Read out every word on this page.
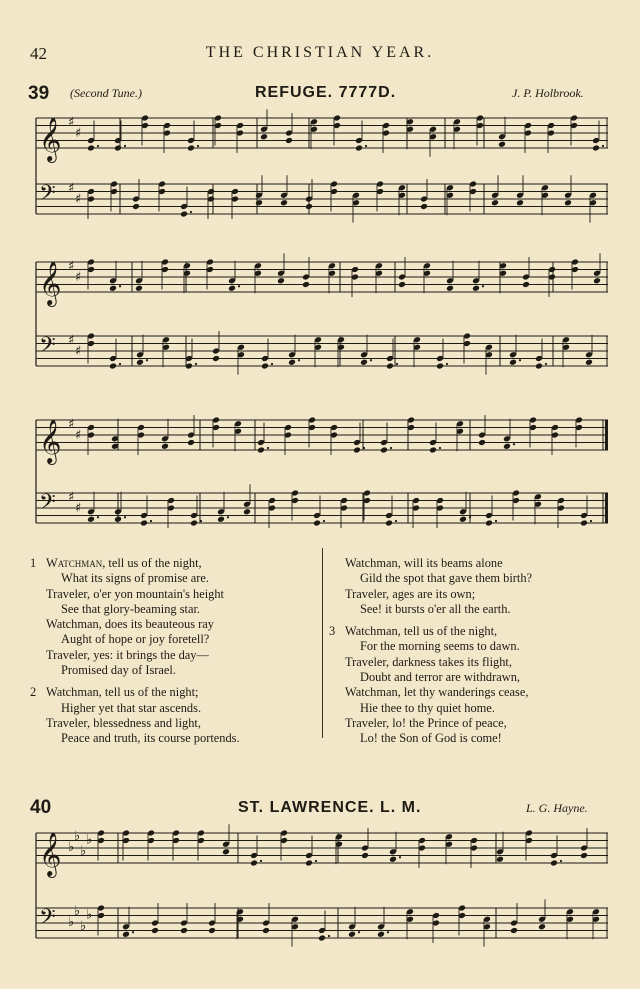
42	THE CHRISTIAN YEAR.
39 (Second Tune.)	REFUGE. 7777D.	J. P. Holbrook.
𝄞 ♯
♯
𝄢 ♯
♯
𝄞 ♯
♯
𝄢 ♯
♯
𝄞 ♯
♯
𝄢 ♯
♯
𝄞 ♭
♭
♭
♭
𝄢 ♭
♭
♭
♭
1 Watchman, tell us of the night,
What its signs of promise are.
Traveler, o'er yon mountain's height
See that glory-beaming star.
Watchman, does its beauteous ray
Aught of hope or joy foretell?
Traveler, yes: it brings the day—
Promised day of Israel.
2 Watchman, tell us of the night;
Higher yet that star ascends.
Traveler, blessedness and light,
Peace and truth, its course portends.
Watchman, will its beams alone
Gild the spot that gave them birth?
Traveler, ages are its own;
See! it bursts o'er all the earth.
3 Watchman, tell us of the night,
For the morning seems to dawn.
Traveler, darkness takes its flight,
Doubt and terror are withdrawn,
Watchman, let thy wanderings cease,
Hie thee to thy quiet home.
Traveler, lo! the Prince of peace,
Lo! the Son of God is come!
40	ST. LAWRENCE. L. M.	L. G. Hayne.
